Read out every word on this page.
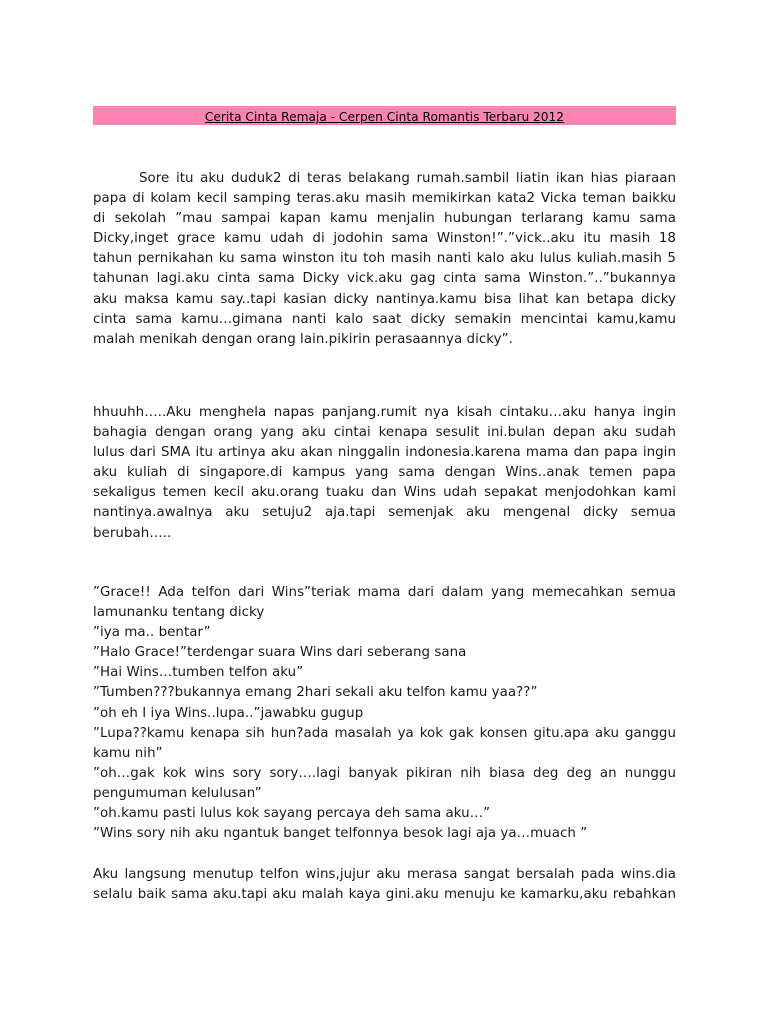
Cerita Cinta Remaja - Cerpen Cinta Romantis Terbaru 2012

Sore itu aku duduk2 di teras belakang rumah.sambil liatin ikan hias piaraan
papa di kolam kecil samping teras.aku masih memikirkan kata2 Vicka teman baikku
di sekolah ”mau sampai kapan kamu menjalin hubungan terlarang kamu sama
Dicky,inget grace kamu udah di jodohin sama Winston!”.”vick..aku itu masih 18
tahun pernikahan ku sama winston itu toh masih nanti kalo aku lulus kuliah.masih 5
tahunan lagi.aku cinta sama Dicky vick.aku gag cinta sama Winston.”..”bukannya
aku maksa kamu say..tapi kasian dicky nantinya.kamu bisa lihat kan betapa dicky
cinta sama kamu…gimana nanti kalo saat dicky semakin mencintai kamu,kamu
malah menikah dengan orang lain.pikirin perasaannya dicky”.

hhuuhh…..Aku menghela napas panjang.rumit nya kisah cintaku…aku hanya ingin
bahagia dengan orang yang aku cintai kenapa sesulit ini.bulan depan aku sudah
lulus dari SMA itu artinya aku akan ninggalin indonesia.karena mama dan papa ingin
aku kuliah di singapore.di kampus yang sama dengan Wins..anak temen papa
sekaligus temen kecil aku.orang tuaku dan Wins udah sepakat menjodohkan kami
nantinya.awalnya aku setuju2 aja.tapi semenjak aku mengenal dicky semua
berubah…..

”Grace!! Ada telfon dari Wins”teriak mama dari dalam yang memecahkan semua
lamunanku tentang dicky
”iya ma.. bentar”
”Halo Grace!”terdengar suara Wins dari seberang sana
”Hai Wins…tumben telfon aku”
”Tumben???bukannya emang 2hari sekali aku telfon kamu yaa??”
”oh eh I iya Wins..lupa..”jawabku gugup
”Lupa??kamu kenapa sih hun?ada masalah ya kok gak konsen gitu.apa aku ganggu
kamu nih”
”oh…gak kok wins sory sory….lagi banyak pikiran nih biasa deg deg an nunggu
pengumuman kelulusan”
”oh.kamu pasti lulus kok sayang percaya deh sama aku…”
”Wins sory nih aku ngantuk banget telfonnya besok lagi aja ya…muach ”

Aku langsung menutup telfon wins,jujur aku merasa sangat bersalah pada wins.dia
selalu baik sama aku.tapi aku malah kaya gini.aku menuju ke kamarku,aku rebahkan
